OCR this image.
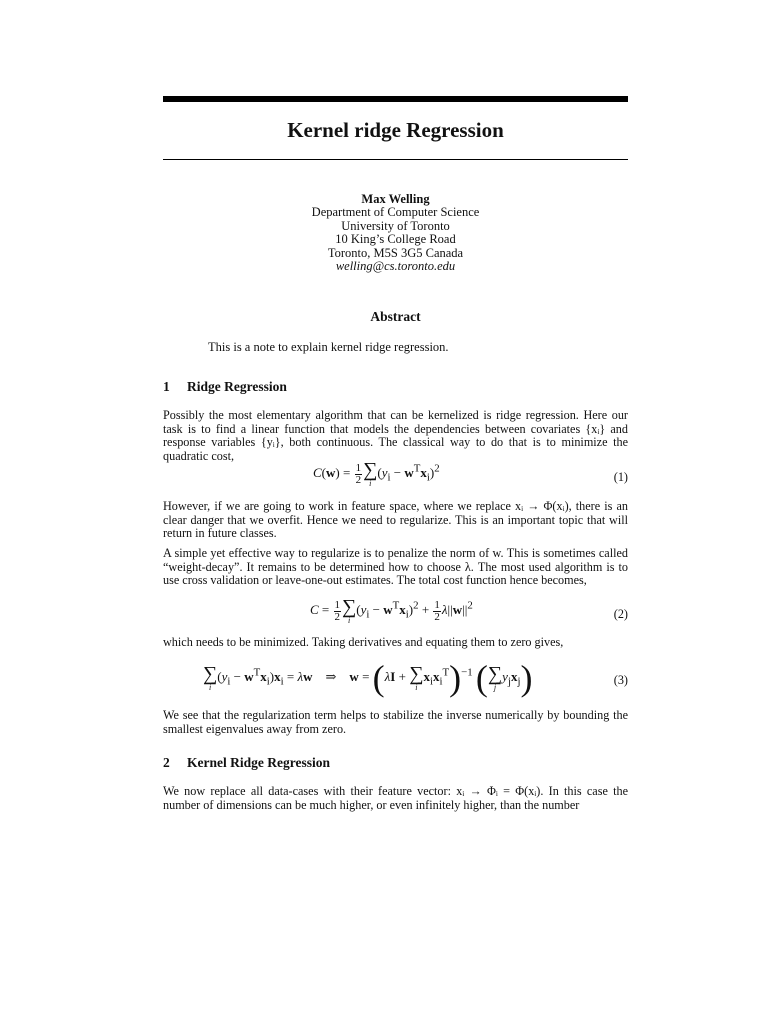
Kernel ridge Regression
Max Welling
Department of Computer Science
University of Toronto
10 King’s College Road
Toronto, M5S 3G5 Canada
welling@cs.toronto.edu
Abstract

This is a note to explain kernel ridge regression.

1 Ridge Regression

Possibly the most elementary algorithm that can be kernelized is ridge regression. Here our task is to find a linear function that models the dependencies between covariates {xᵢ} and response variables {yᵢ}, both continuous. The classical way to do that is to minimize the quadratic cost,

$C(w) = \frac{1}{2}$ ∑
i
$(y_i - w^Tx_i)^2$
(1)

However, if we are going to work in feature space, where we replace xᵢ → Φ(xᵢ), there is an clear danger that we overfit. Hence we need to regularize. This is an important topic that will return in future classes.

A simple yet effective way to regularize is to penalize the norm of w. This is sometimes called “weight-decay”. It remains to be determined how to choose λ. The most used algorithm is to use cross validation or leave-one-out estimates. The total cost function hence becomes,

$C = \frac{1}{2}$ ∑
i
$(y_i - w^Tx_i)^2 + \frac{1}{2} \lambda||w||^2$
(2)

which needs to be minimized. Taking derivatives and equating them to zero gives,

∑
i
$(y_i - w^Tx_i)x_i = \lambda w$    ⇒    w = (λI + ∑
i
$x_ix_i^T)^{-1}$ ( ∑
j
$y_jx_j$)	(3)

We see that the regularization term helps to stabilize the inverse numerically by bounding the smallest eigenvalues away from zero.

2 Kernel Ridge Regression

We now replace all data-cases with their feature vector: xᵢ → Φᵢ = Φ(xᵢ). In this case the number of dimensions can be much higher, or even infinitely higher, than the number
